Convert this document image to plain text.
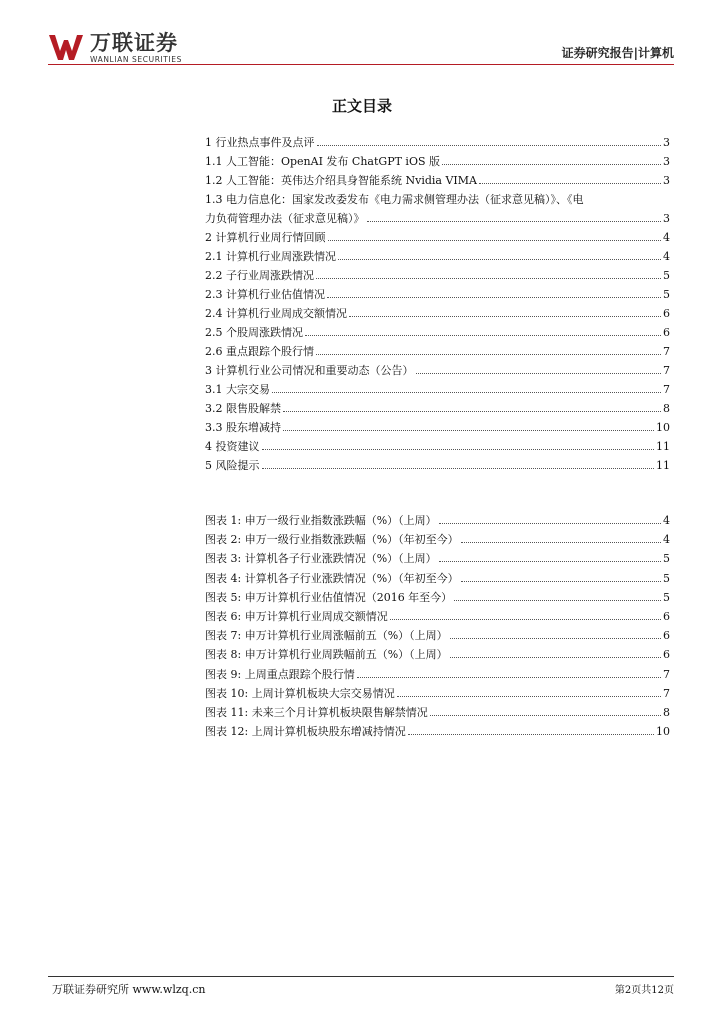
万联证券
WANLIAN SECURITIES	证券研究报告|计算机
正文目录
1 行业热点事件及点评	3
1.1 人工智能：OpenAI 发布 ChatGPT iOS 版	3
1.2 人工智能：英伟达介绍具身智能系统 Nvidia VIMA	3
1.3 电力信息化：国家发改委发布《电力需求侧管理办法（征求意见稿）》、《电
力负荷管理办法（征求意见稿）》	3
2 计算机行业周行情回顾	4
2.1 计算机行业周涨跌情况	4
2.2 子行业周涨跌情况	5
2.3 计算机行业估值情况	5
2.4 计算机行业周成交额情况	6
2.5 个股周涨跌情况	6
2.6 重点跟踪个股行情	7
3 计算机行业公司情况和重要动态（公告）	7
3.1 大宗交易	7
3.2 限售股解禁	8
3.3 股东增减持	10
4 投资建议	11
5 风险提示	11
图表 1: 申万一级行业指数涨跌幅（%）（上周）	4
图表 2: 申万一级行业指数涨跌幅（%）（年初至今）	4
图表 3: 计算机各子行业涨跌情况（%）（上周）	5
图表 4: 计算机各子行业涨跌情况（%）（年初至今）	5
图表 5: 申万计算机行业估值情况（2016 年至今）	5
图表 6: 申万计算机行业周成交额情况	6
图表 7: 申万计算机行业周涨幅前五（%）（上周）	6
图表 8: 申万计算机行业周跌幅前五（%）（上周）	6
图表 9: 上周重点跟踪个股行情	7
图表 10: 上周计算机板块大宗交易情况	7
图表 11: 未来三个月计算机板块限售解禁情况	8
图表 12: 上周计算机板块股东增减持情况	10
万联证券研究所 www.wlzq.cn	第2页共12页
